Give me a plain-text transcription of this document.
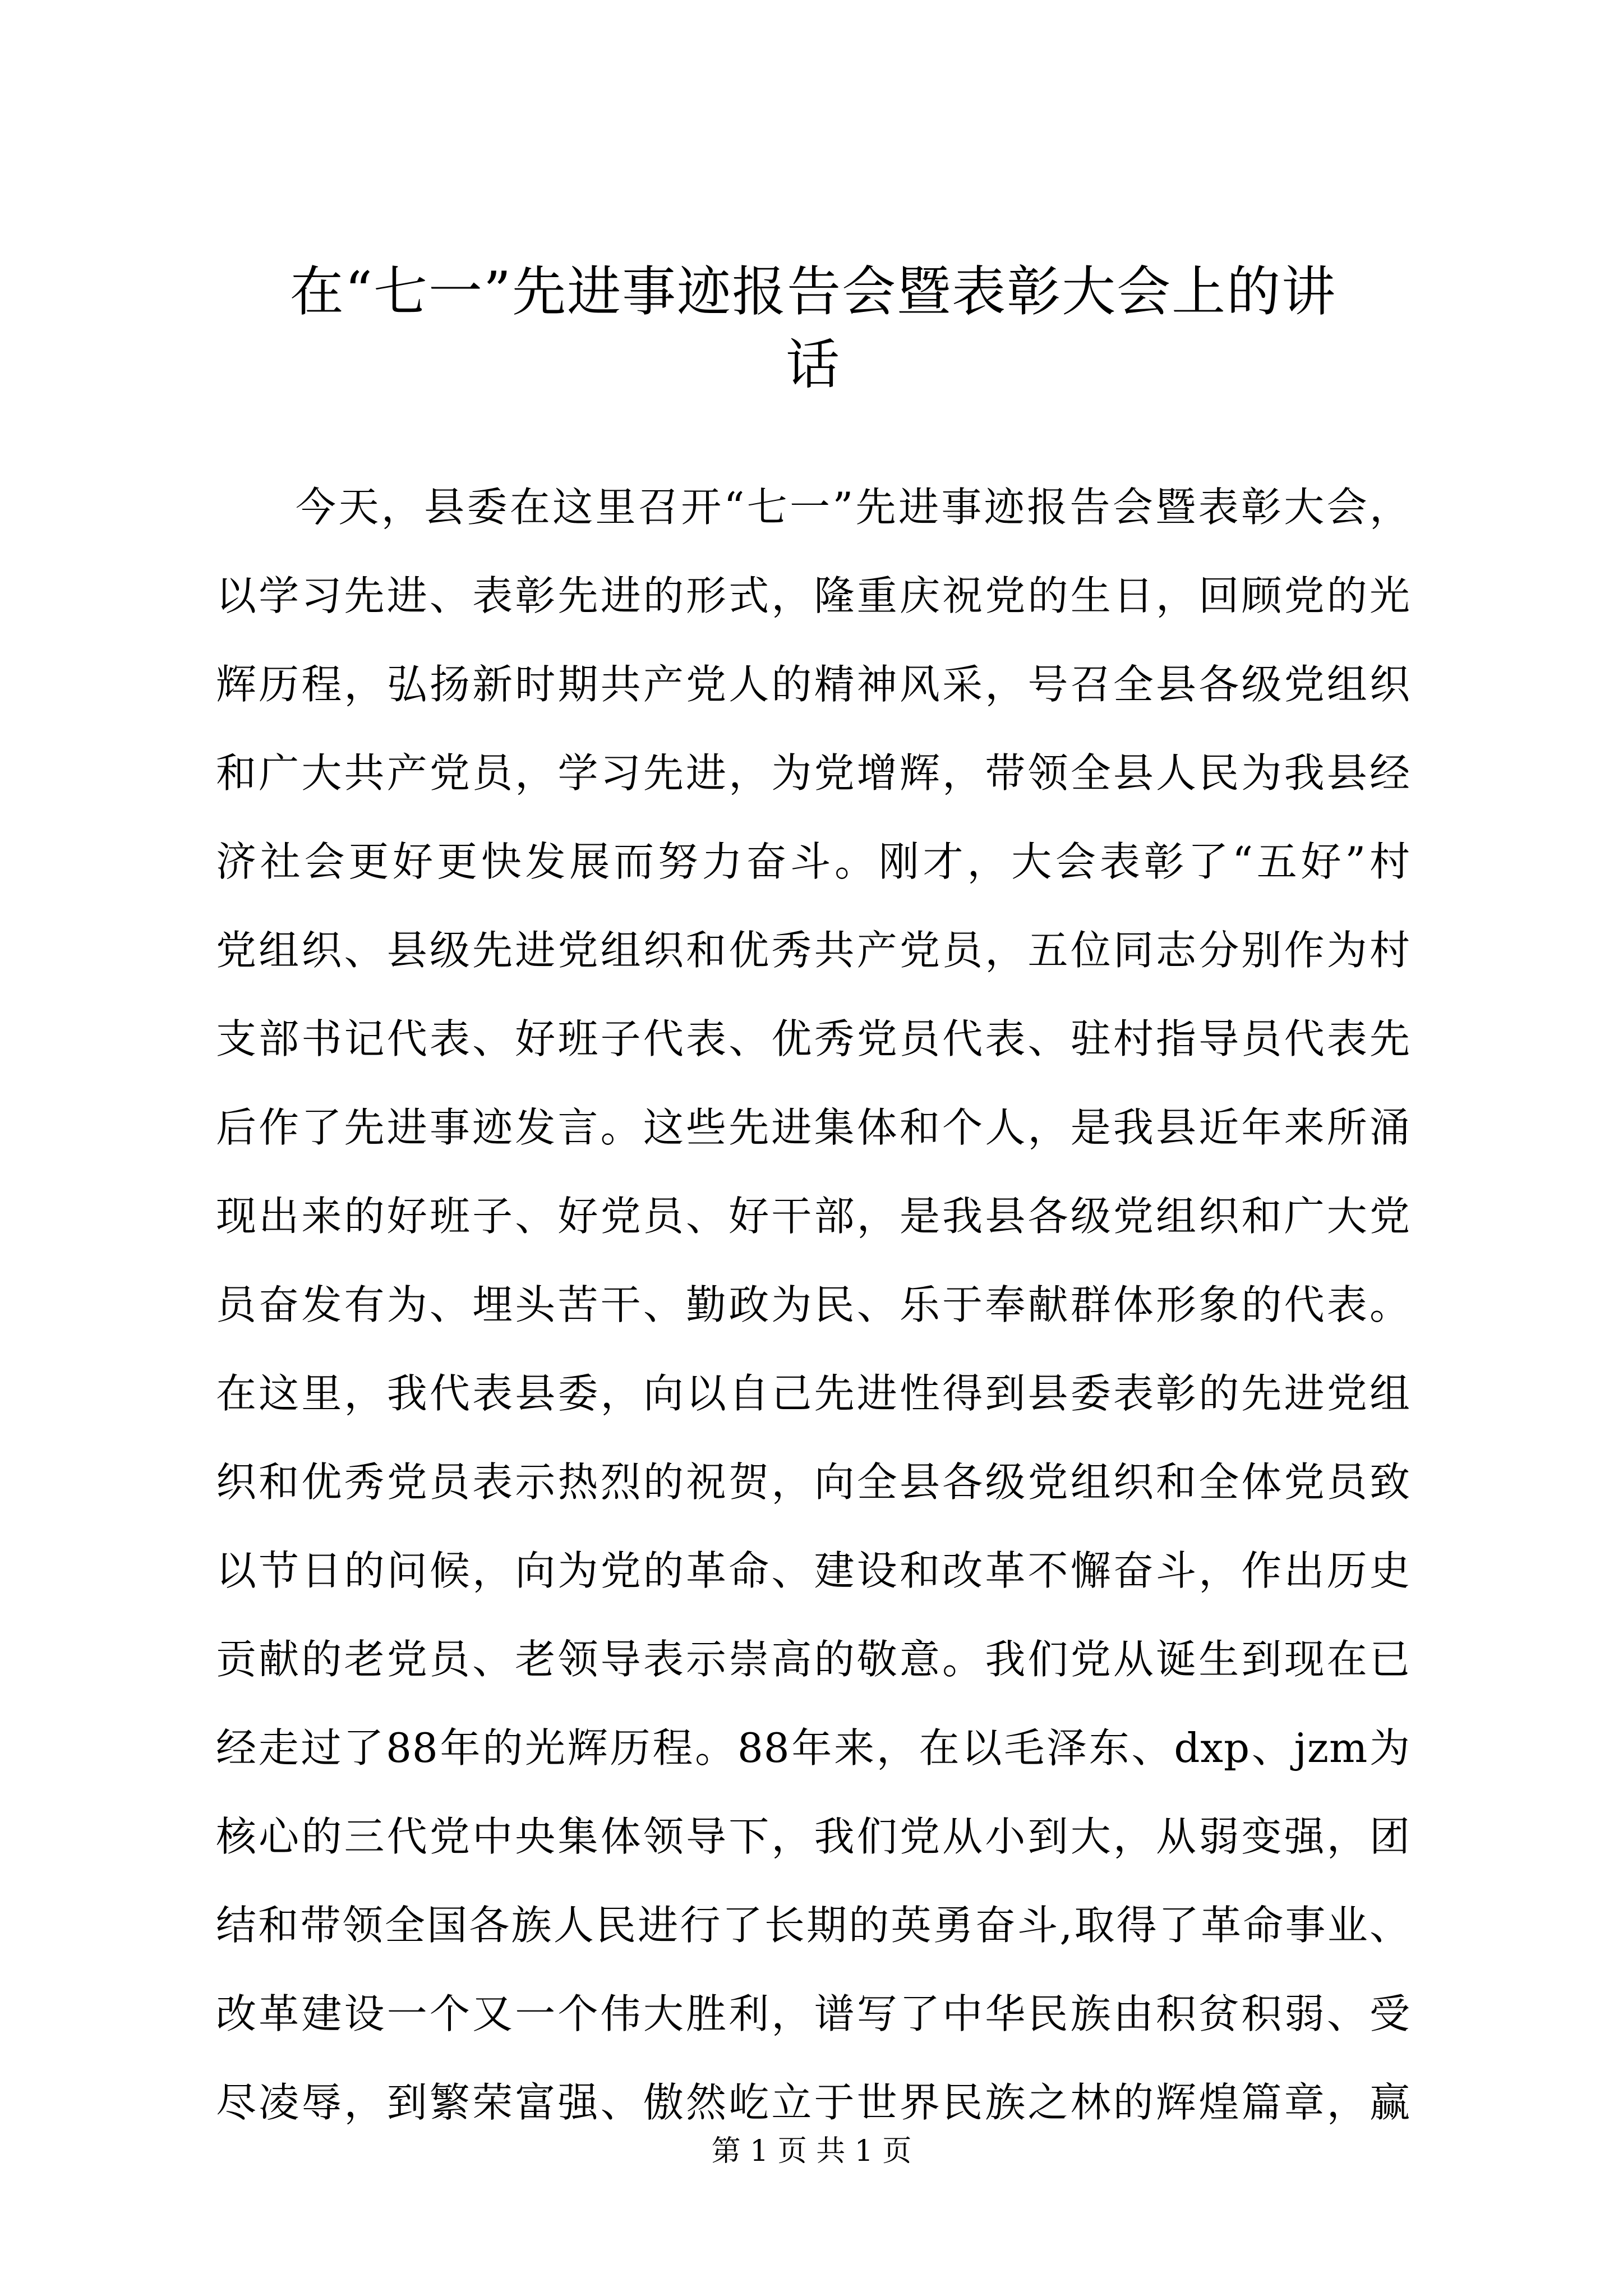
在“七一”先进事迹报告会暨表彰大会上的讲
话
今天，县委在这里召开“七一”先进事迹报告会暨表彰大会，
以学习先进、表彰先进的形式，隆重庆祝党的生日，回顾党的光
辉历程，弘扬新时期共产党人的精神风采，号召全县各级党组织
和广大共产党员，学习先进，为党增辉，带领全县人民为我县经
济社会更好更快发展而努力奋斗。刚才，大会表彰了“五好”村
党组织、县级先进党组织和优秀共产党员，五位同志分别作为村
支部书记代表、好班子代表、优秀党员代表、驻村指导员代表先
后作了先进事迹发言。这些先进集体和个人，是我县近年来所涌
现出来的好班子、好党员、好干部，是我县各级党组织和广大党
员奋发有为、埋头苦干、勤政为民、乐于奉献群体形象的代表。
在这里，我代表县委，向以自己先进性得到县委表彰的先进党组
织和优秀党员表示热烈的祝贺，向全县各级党组织和全体党员致
以节日的问候，向为党的革命、建设和改革不懈奋斗，作出历史
贡献的老党员、老领导表示崇高的敬意。我们党从诞生到现在已
经走过了88年的光辉历程。88年来，在以毛泽东、dxp、jzm为
核心的三代党中央集体领导下，我们党从小到大，从弱变强，团
结和带领全国各族人民进行了长期的英勇奋斗,取得了革命事业、
改革建设一个又一个伟大胜利，谱写了中华民族由积贫积弱、受
尽凌辱，到繁荣富强、傲然屹立于世界民族之林的辉煌篇章，赢
第 1 页 共 1 页
